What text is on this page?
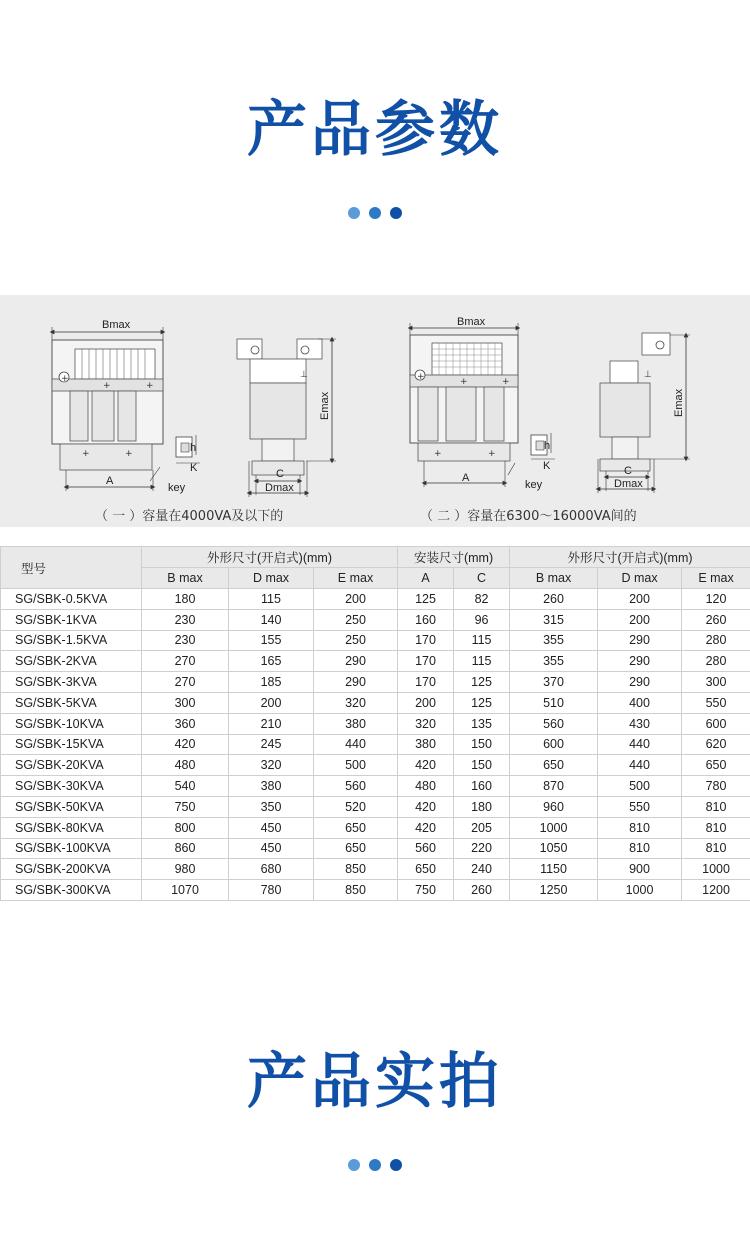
产品参数
Bmax
+
+	+
+	+
A
key
h
K
⊥
Emax
C
Dmax
Bmax
+	+	+
+	+
A
key
h
K
⊥
Emax
C
Dmax
（ 一 ）容量在4000VA及以下的	（ 二 ）容量在6300～16000VA间的
型号	外形尺寸(开启式)(mm)			安装尺寸(mm)		外形尺寸(开启式)(mm)		
	B max	D max	E max	A	C	B max	D max	E max
SG/SBK-0.5KVA	180	115	200	125	82	260	200	120
SG/SBK-1KVA	230	140	250	160	96	315	200	260
SG/SBK-1.5KVA	230	155	250	170	115	355	290	280
SG/SBK-2KVA	270	165	290	170	115	355	290	280
SG/SBK-3KVA	270	185	290	170	125	370	290	300
SG/SBK-5KVA	300	200	320	200	125	510	400	550
SG/SBK-10KVA	360	210	380	320	135	560	430	600
SG/SBK-15KVA	420	245	440	380	150	600	440	620
SG/SBK-20KVA	480	320	500	420	150	650	440	650
SG/SBK-30KVA	540	380	560	480	160	870	500	780
SG/SBK-50KVA	750	350	520	420	180	960	550	810
SG/SBK-80KVA	800	450	650	420	205	1000	810	810
SG/SBK-100KVA	860	450	650	560	220	1050	810	810
SG/SBK-200KVA	980	680	850	650	240	1150	900	1000
SG/SBK-300KVA	1070	780	850	750	260	1250	1000	1200
产品实拍
